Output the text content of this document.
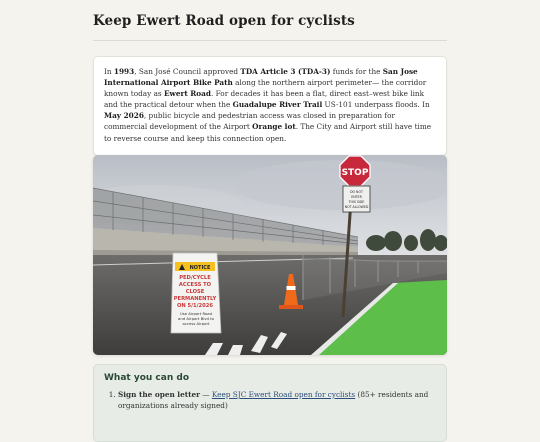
Keep Ewert Road open for cyclists
In 1993, San José Council approved TDA Article 3 (TDA-3) funds for the San Jose International Airport Bike Path along the northern airport perimeter— the corridor known today as Ewert Road. For decades it has been a flat, direct east–west bike link and the practical detour when the Guadalupe River Trail US-101 underpass floods. In May 2026, public bicycle and pedestrian access was closed in preparation for commercial development of the Airport Orange lot. The City and Airport still have time to reverse course and keep this connection open.
STOP
DO NOT
ENTER
THIS SIDE
NOT ALLOWED
NOTICE
PED/CYCLE
ACCESS TO
CLOSE
PERMANENTLY
ON 5/1/2026
Use Airport Road
and Airport Blvd to
access Airport
What you can do
1. Sign the open letter — Keep SJC Ewert Road open for cyclists (85+ residents and organizations already signed)
